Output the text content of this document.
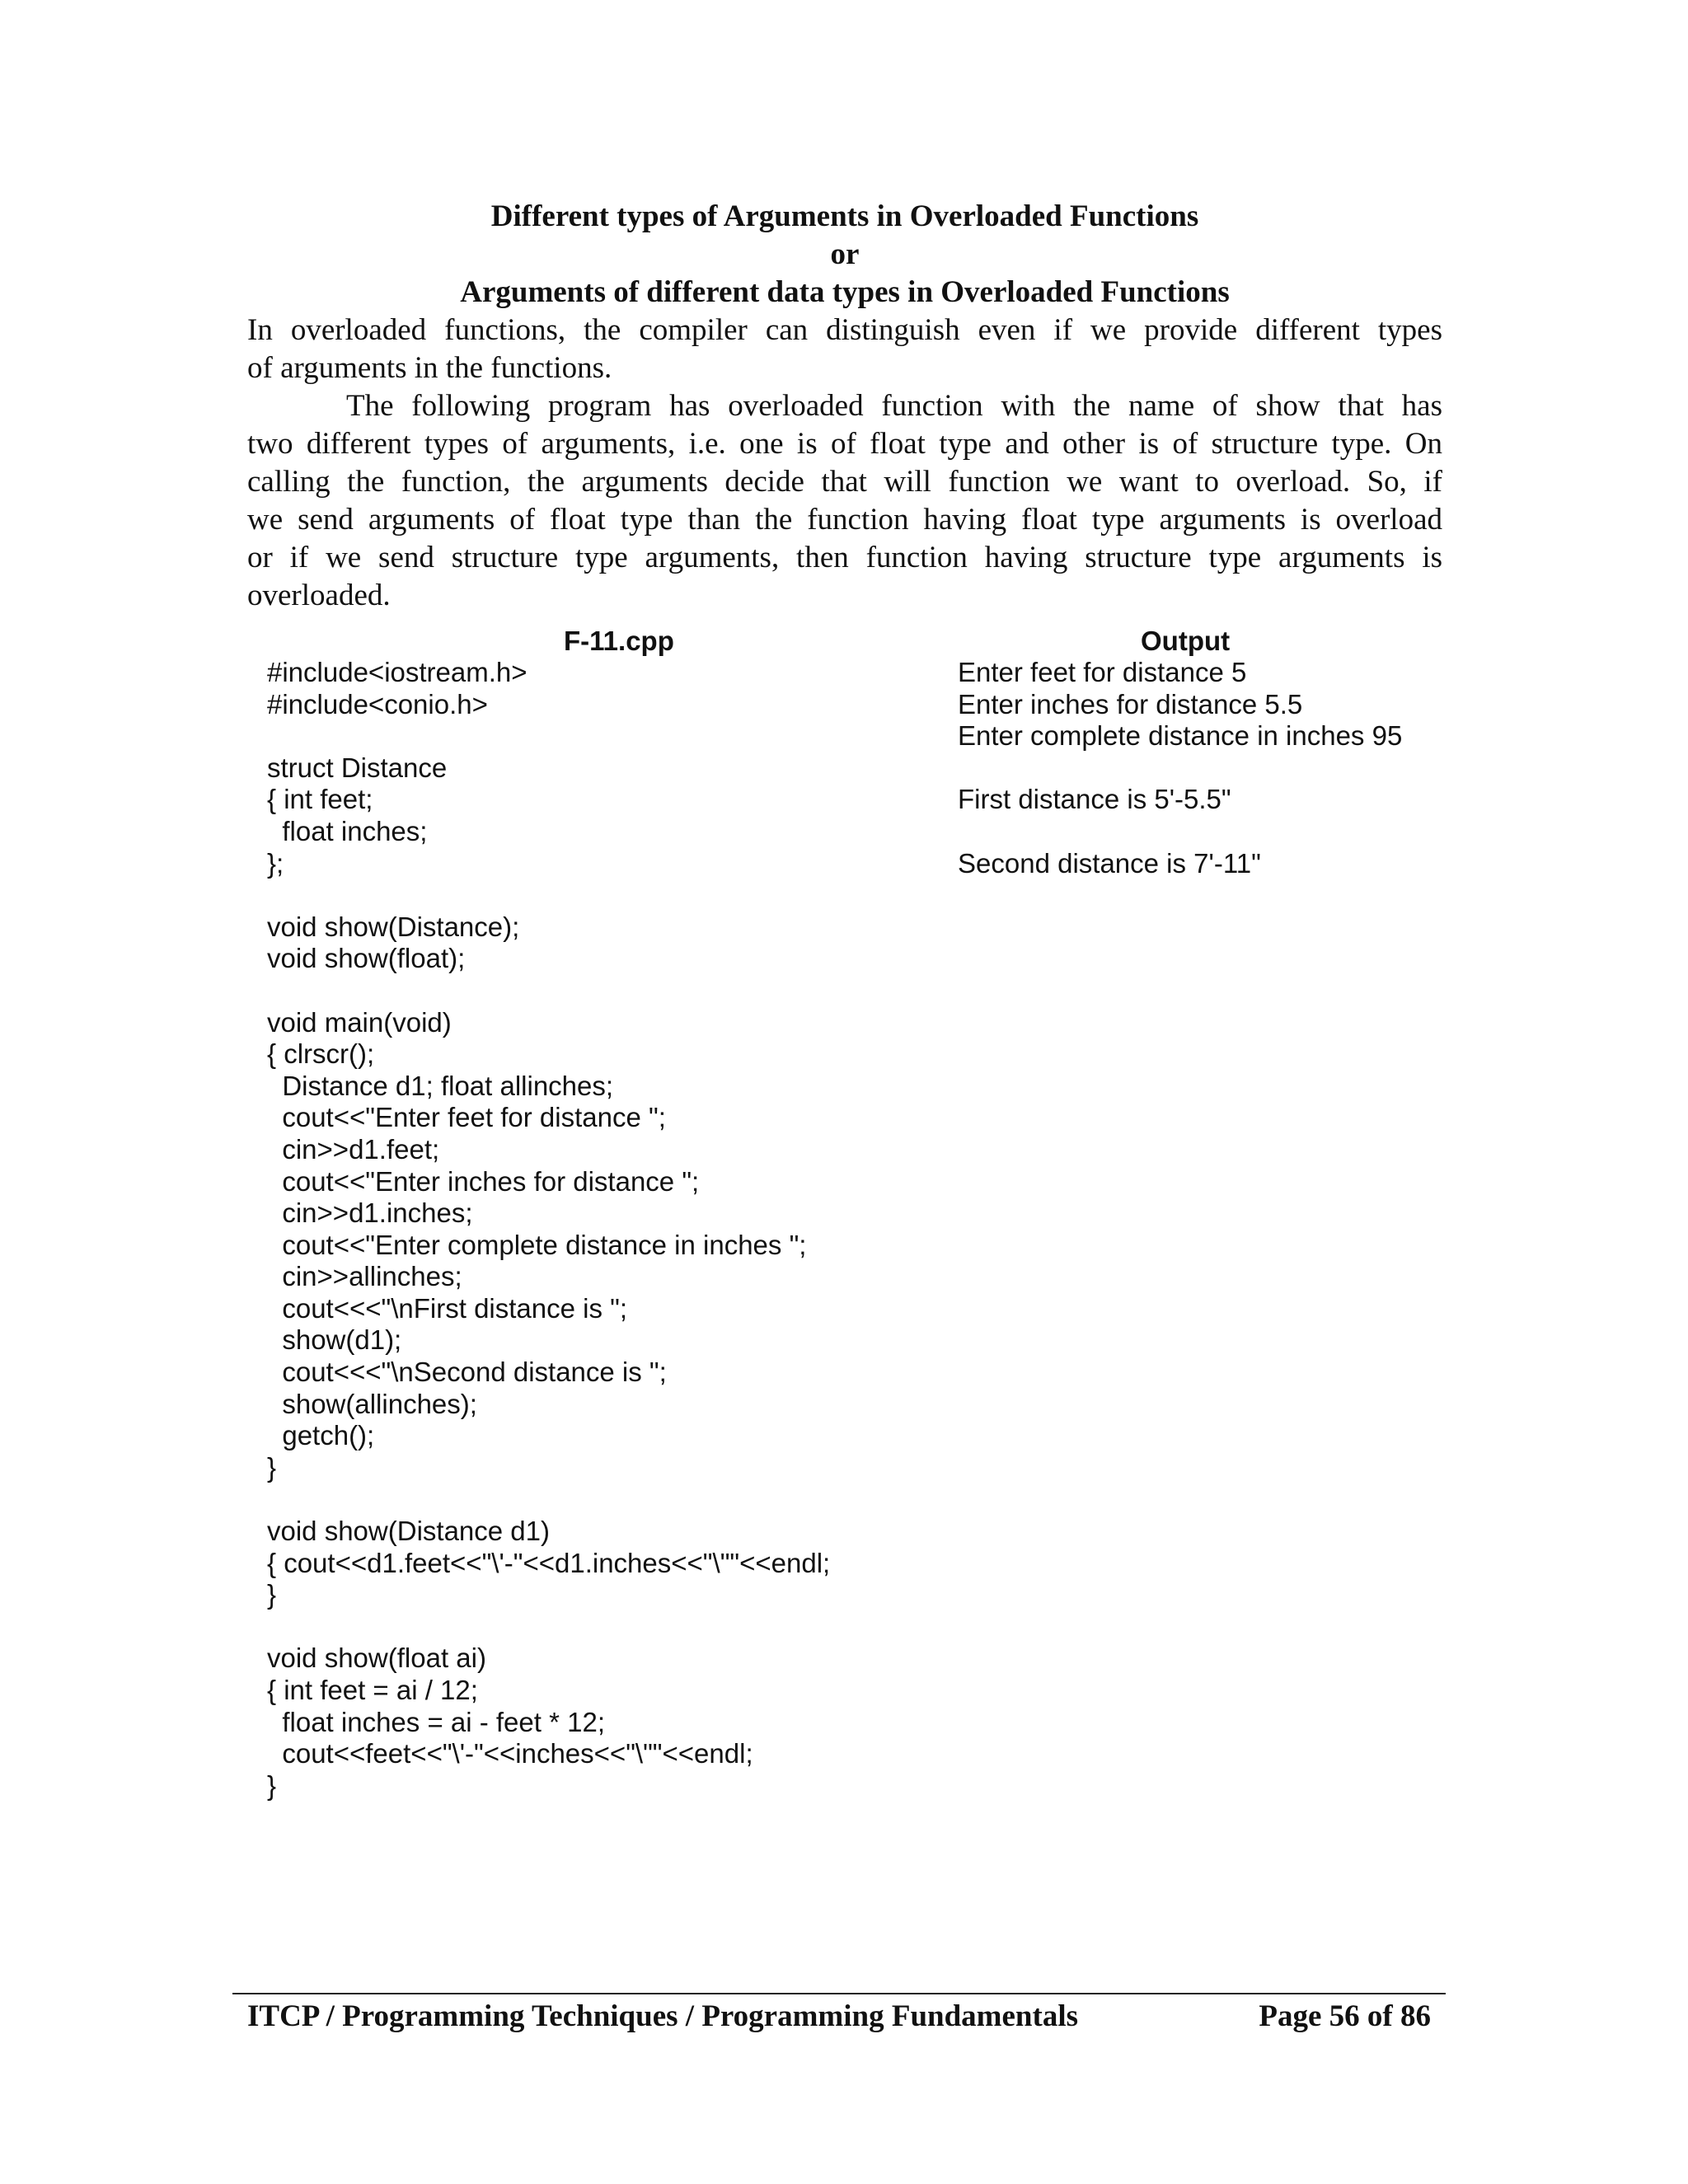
Different types of Arguments in Overloaded Functions
or
Arguments of different data types in Overloaded Functions
In overloaded functions, the compiler can distinguish even if we provide different types
of arguments in the functions.
The following program has overloaded function with the name of show that has
two different types of arguments, i.e. one is of float type and other is of structure type. On
calling the function, the arguments decide that will function we want to overload. So, if
we send arguments of float type than the function having float type arguments is overload
or if we send structure type arguments, then function having structure type arguments is
overloaded.
F-11.cpp	Output
#include<iostream.h>
#include<conio.h>
struct Distance
{ int feet;
float inches;
};
void show(Distance);
void show(float);
void main(void)
{ clrscr();
Distance d1; float allinches;
cout<<"Enter feet for distance ";
cin>>d1.feet;
cout<<"Enter inches for distance ";
cin>>d1.inches;
cout<<"Enter complete distance in inches ";
cin>>allinches;
cout<<<"\nFirst distance is ";
show(d1);
cout<<<"\nSecond distance is ";
show(allinches);
getch();
}
void show(Distance d1)
{ cout<<d1.feet<<"\'-"<<d1.inches<<"\""<<endl;
}
void show(float ai)
{ int feet = ai / 12;
float inches = ai - feet * 12;
cout<<feet<<"\'-"<<inches<<"\""<<endl;
}
Enter feet for distance 5
Enter inches for distance 5.5
Enter complete distance in inches 95
First distance is 5'-5.5"
Second distance is 7'-11"
ITCP / Programming Techniques / Programming Fundamentals	Page 56 of 86
